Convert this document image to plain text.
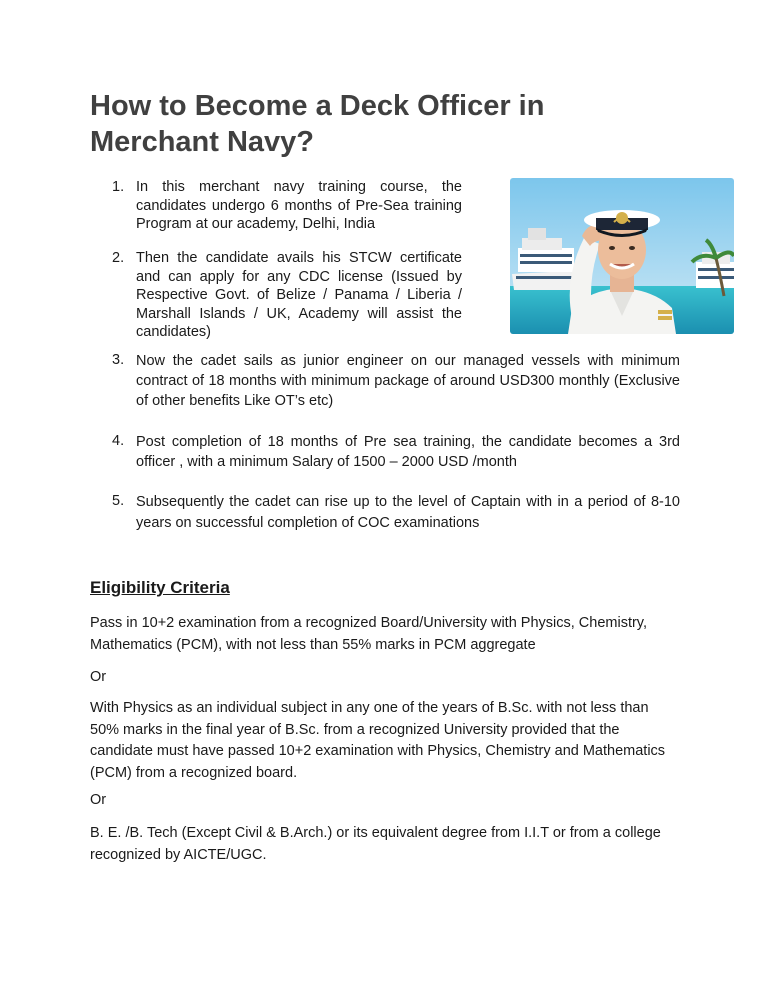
How to Become a Deck Officer in Merchant Navy?
1. In this merchant navy training course, the candidates undergo 6 months of Pre-Sea training Program at our academy, Delhi, India
2. Then the candidate avails his STCW certificate and can apply for any CDC license (Issued by Respective Govt. of Belize / Panama / Liberia / Marshall Islands / UK, Academy will assist the candidates)
3. Now the cadet sails as junior engineer on our managed vessels with minimum contract of 18 months with minimum package of around USD300 monthly (Exclusive of other benefits Like OT’s etc)
4. Post completion of 18 months of Pre sea training, the candidate becomes a 3rd officer , with a minimum Salary of 1500 – 2000 USD /month
5. Subsequently the cadet can rise up to the level of Captain with in a period of 8-10 years on successful completion of COC examinations
Eligibility Criteria

Pass in 10+2 examination from a recognized Board/University with Physics, Chemistry, Mathematics (PCM), with not less than 55% marks in PCM aggregate

Or

With Physics as an individual subject in any one of the years of B.Sc. with not less than 50% marks in the final year of B.Sc. from a recognized University provided that the candidate must have passed 10+2 examination with Physics, Chemistry and Mathematics (PCM) from a recognized board.

Or

B. E. /B. Tech (Except Civil & B.Arch.) or its equivalent degree from I.I.T or from a college recognized by AICTE/UGC.
